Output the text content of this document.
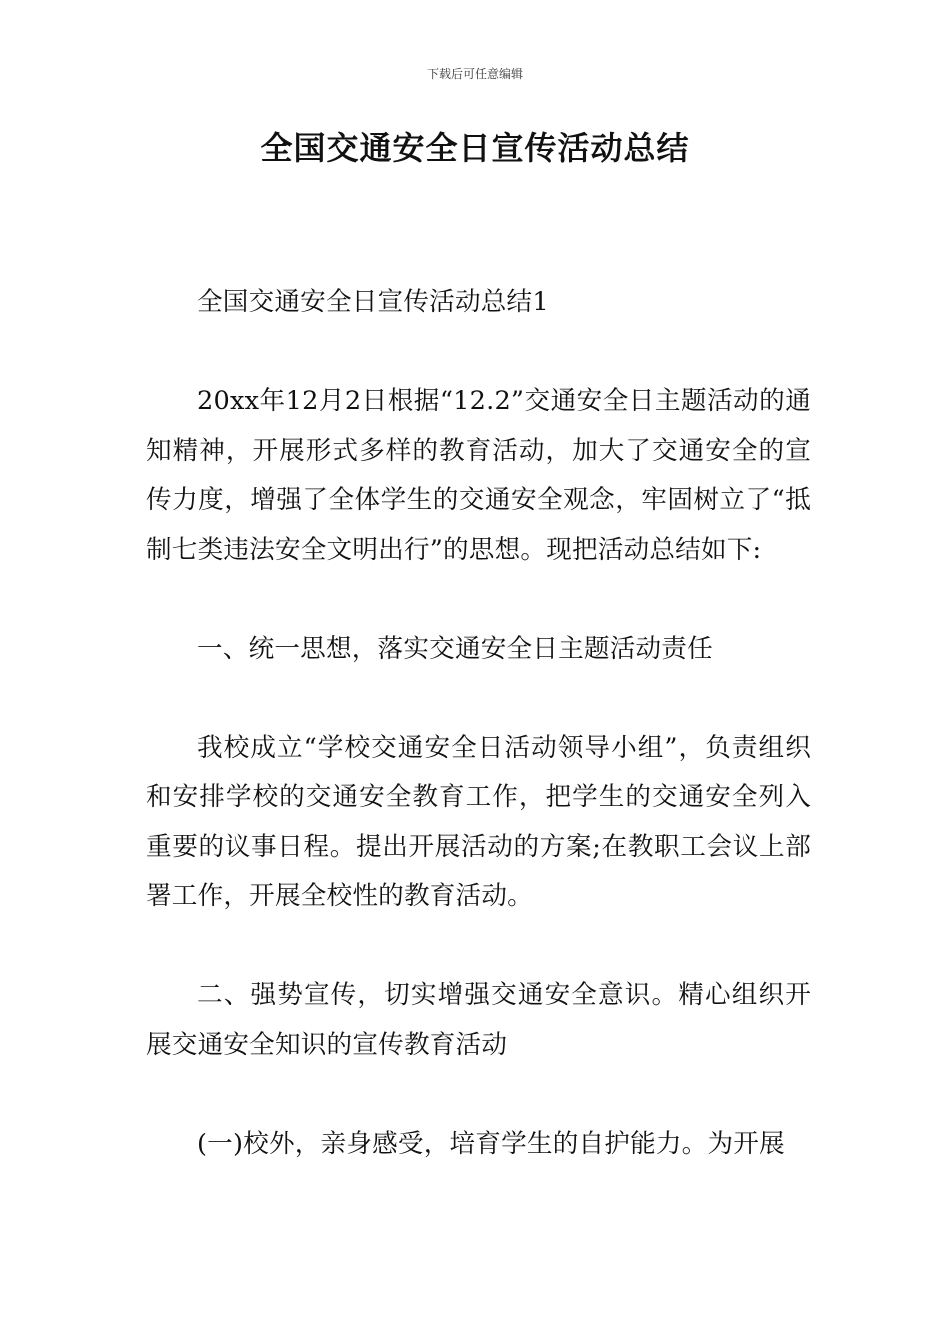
下载后可任意编辑
全国交通安全日宣传活动总结

全国交通安全日宣传活动总结1

20xx年12月2日根据“12.2”交通安全日主题活动的通知精神，开展形式多样的教育活动，加大了交通安全的宣传力度，增强了全体学生的交通安全观念，牢固树立了“抵制七类违法安全文明出行”的思想。现把活动总结如下:

一、统一思想，落实交通安全日主题活动责任

我校成立“学校交通安全日活动领导小组”，负责组织和安排学校的交通安全教育工作，把学生的交通安全列入重要的议事日程。提出开展活动的方案;在教职工会议上部署工作，开展全校性的教育活动。

二、强势宣传，切实增强交通安全意识。精心组织开展交通安全知识的宣传教育活动

(一)校外，亲身感受，培育学生的自护能力。为开展
